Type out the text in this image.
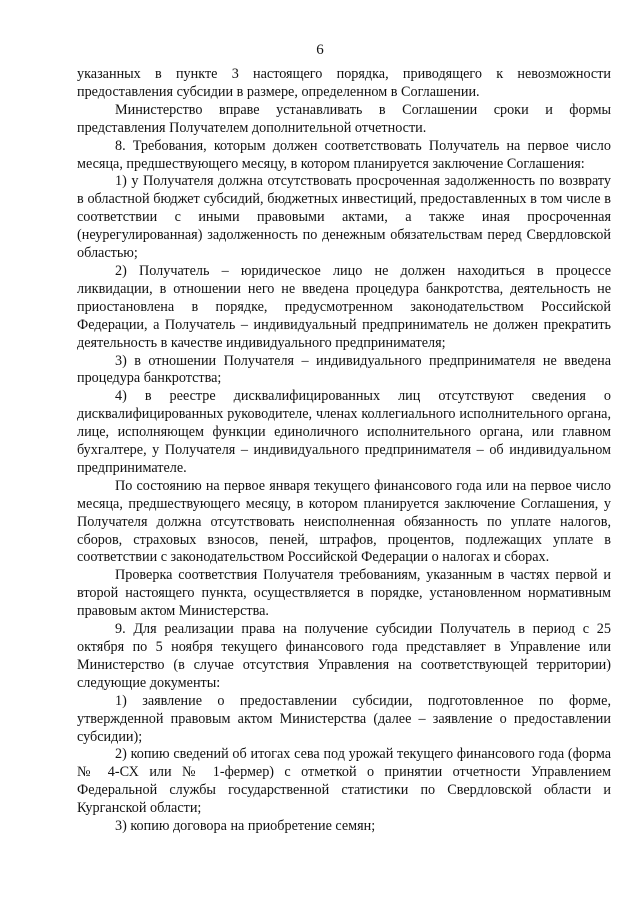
6

указанных в пункте 3 настоящего порядка, приводящего к невозможности предоставления субсидии в размере, определенном в Соглашении.

Министерство вправе устанавливать в Соглашении сроки и формы представления Получателем дополнительной отчетности.

8. Требования, которым должен соответствовать Получатель на первое число месяца, предшествующего месяцу, в котором планируется заключение Соглашения:

1) у Получателя должна отсутствовать просроченная задолженность по возврату в областной бюджет субсидий, бюджетных инвестиций, предоставленных в том числе в соответствии с иными правовыми актами, а также иная просроченная (неурегулированная) задолженность по денежным обязательствам перед Свердловской областью;

2) Получатель – юридическое лицо не должен находиться в процессе ликвидации, в отношении него не введена процедура банкротства, деятельность не приостановлена в порядке, предусмотренном законодательством Российской Федерации, а Получатель – индивидуальный предприниматель не должен прекратить деятельность в качестве индивидуального предпринимателя;

3) в отношении Получателя – индивидуального предпринимателя не введена процедура банкротства;

4) в реестре дисквалифицированных лиц отсутствуют сведения о дисквалифицированных руководителе, членах коллегиального исполнительного органа, лице, исполняющем функции единоличного исполнительного органа, или главном бухгалтере, у Получателя – индивидуального предпринимателя – об индивидуальном предпринимателе.

По состоянию на первое января текущего финансового года или на первое число месяца, предшествующего месяцу, в котором планируется заключение Соглашения, у Получателя должна отсутствовать неисполненная обязанность по уплате налогов, сборов, страховых взносов, пеней, штрафов, процентов, подлежащих уплате в соответствии с законодательством Российской Федерации о налогах и сборах.

Проверка соответствия Получателя требованиям, указанным в частях первой и второй настоящего пункта, осуществляется в порядке, установленном нормативным правовым актом Министерства.

9. Для реализации права на получение субсидии Получатель в период с 25 октября по 5 ноября текущего финансового года представляет в Управление или Министерство (в случае отсутствия Управления на соответствующей территории) следующие документы:

1) заявление о предоставлении субсидии, подготовленное по форме, утвержденной правовым актом Министерства (далее – заявление о предоставлении субсидии);

2) копию сведений об итогах сева под урожай текущего финансового года (форма № 4-СХ или № 1-фермер) с отметкой о принятии отчетности Управлением Федеральной службы государственной статистики по Свердловской области и Курганской области;

3) копию договора на приобретение семян;
